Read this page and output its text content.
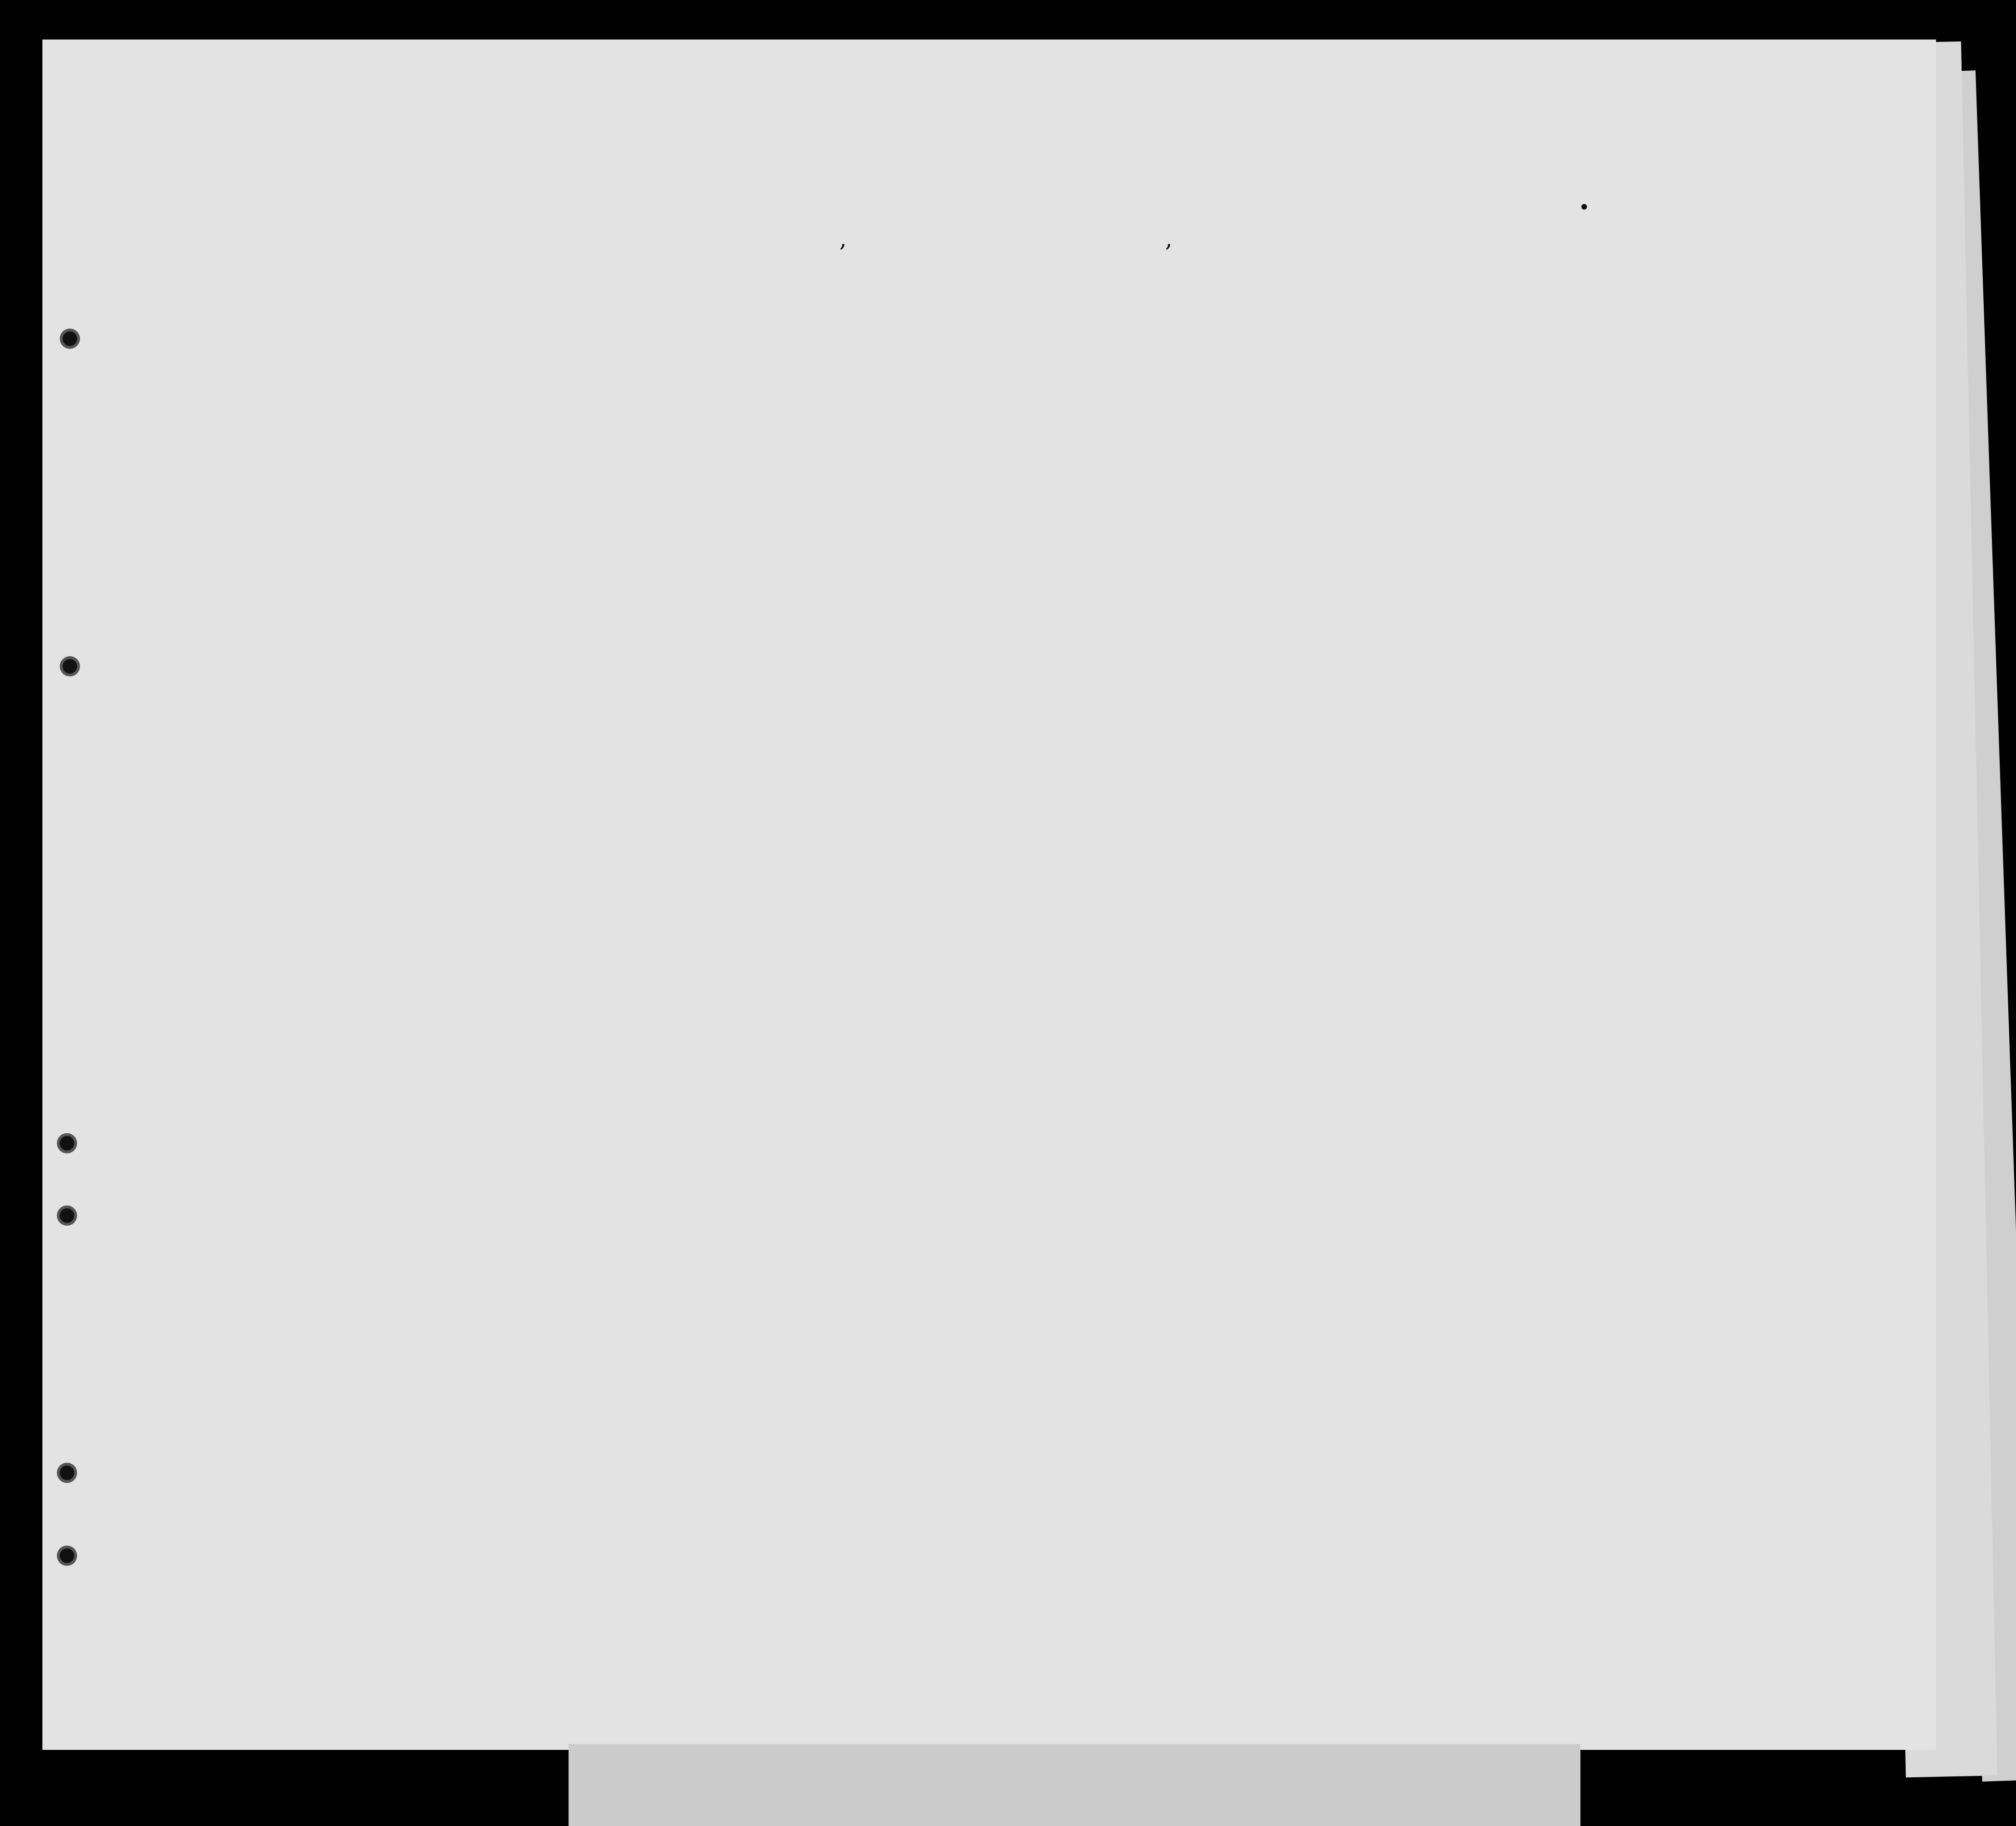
•
,	,
